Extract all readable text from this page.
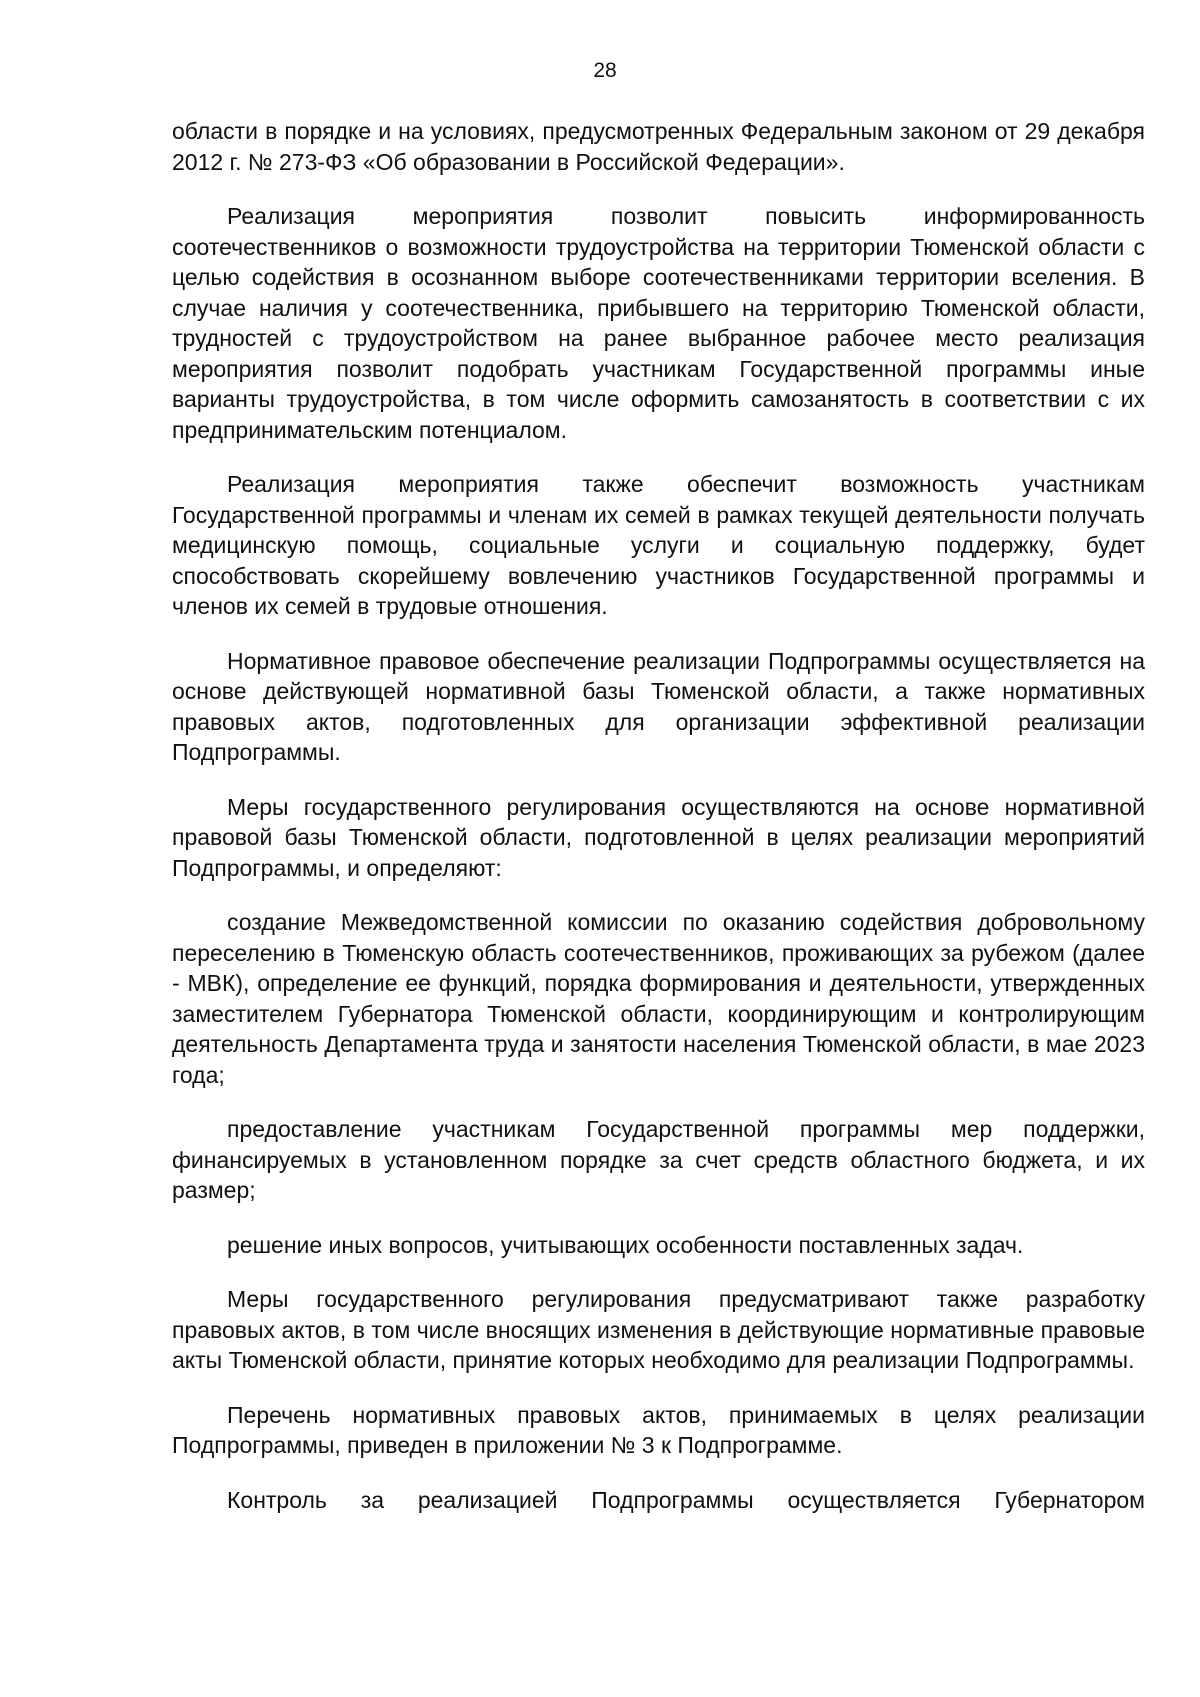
28

области в порядке и на условиях, предусмотренных Федеральным законом от 29 декабря 2012 г. № 273-ФЗ «Об образовании в Российской Федерации».

Реализация мероприятия позволит повысить информированность соотечественников о возможности трудоустройства на территории Тюменской области с целью содействия в осознанном выборе соотечественниками территории вселения. В случае наличия у соотечественника, прибывшего на территорию Тюменской области, трудностей с трудоустройством на ранее выбранное рабочее место реализация мероприятия позволит подобрать участникам Государственной программы иные варианты трудоустройства, в том числе оформить самозанятость в соответствии с их предпринимательским потенциалом.

Реализация мероприятия также обеспечит возможность участникам Государственной программы и членам их семей в рамках текущей деятельности получать медицинскую помощь, социальные услуги и социальную поддержку, будет способствовать скорейшему вовлечению участников Государственной программы и членов их семей в трудовые отношения.

Нормативное правовое обеспечение реализации Подпрограммы осуществляется на основе действующей нормативной базы Тюменской области, а также нормативных правовых актов, подготовленных для организации эффективной реализации Подпрограммы.

Меры государственного регулирования осуществляются на основе нормативной правовой базы Тюменской области, подготовленной в целях реализации мероприятий Подпрограммы, и определяют:

создание Межведомственной комиссии по оказанию содействия добровольному переселению в Тюменскую область соотечественников, проживающих за рубежом (далее - МВК), определение ее функций, порядка формирования и деятельности, утвержденных заместителем Губернатора Тюменской области, координирующим и контролирующим деятельность Департамента труда и занятости населения Тюменской области, в мае 2023 года;

предоставление участникам Государственной программы мер поддержки, финансируемых в установленном порядке за счет средств областного бюджета, и их размер;

решение иных вопросов, учитывающих особенности поставленных задач.

Меры государственного регулирования предусматривают также разработку правовых актов, в том числе вносящих изменения в действующие нормативные правовые акты Тюменской области, принятие которых необходимо для реализации Подпрограммы.

Перечень нормативных правовых актов, принимаемых в целях реализации Подпрограммы, приведен в приложении № 3 к Подпрограмме.

Контроль за реализацией Подпрограммы осуществляется Губернатором
